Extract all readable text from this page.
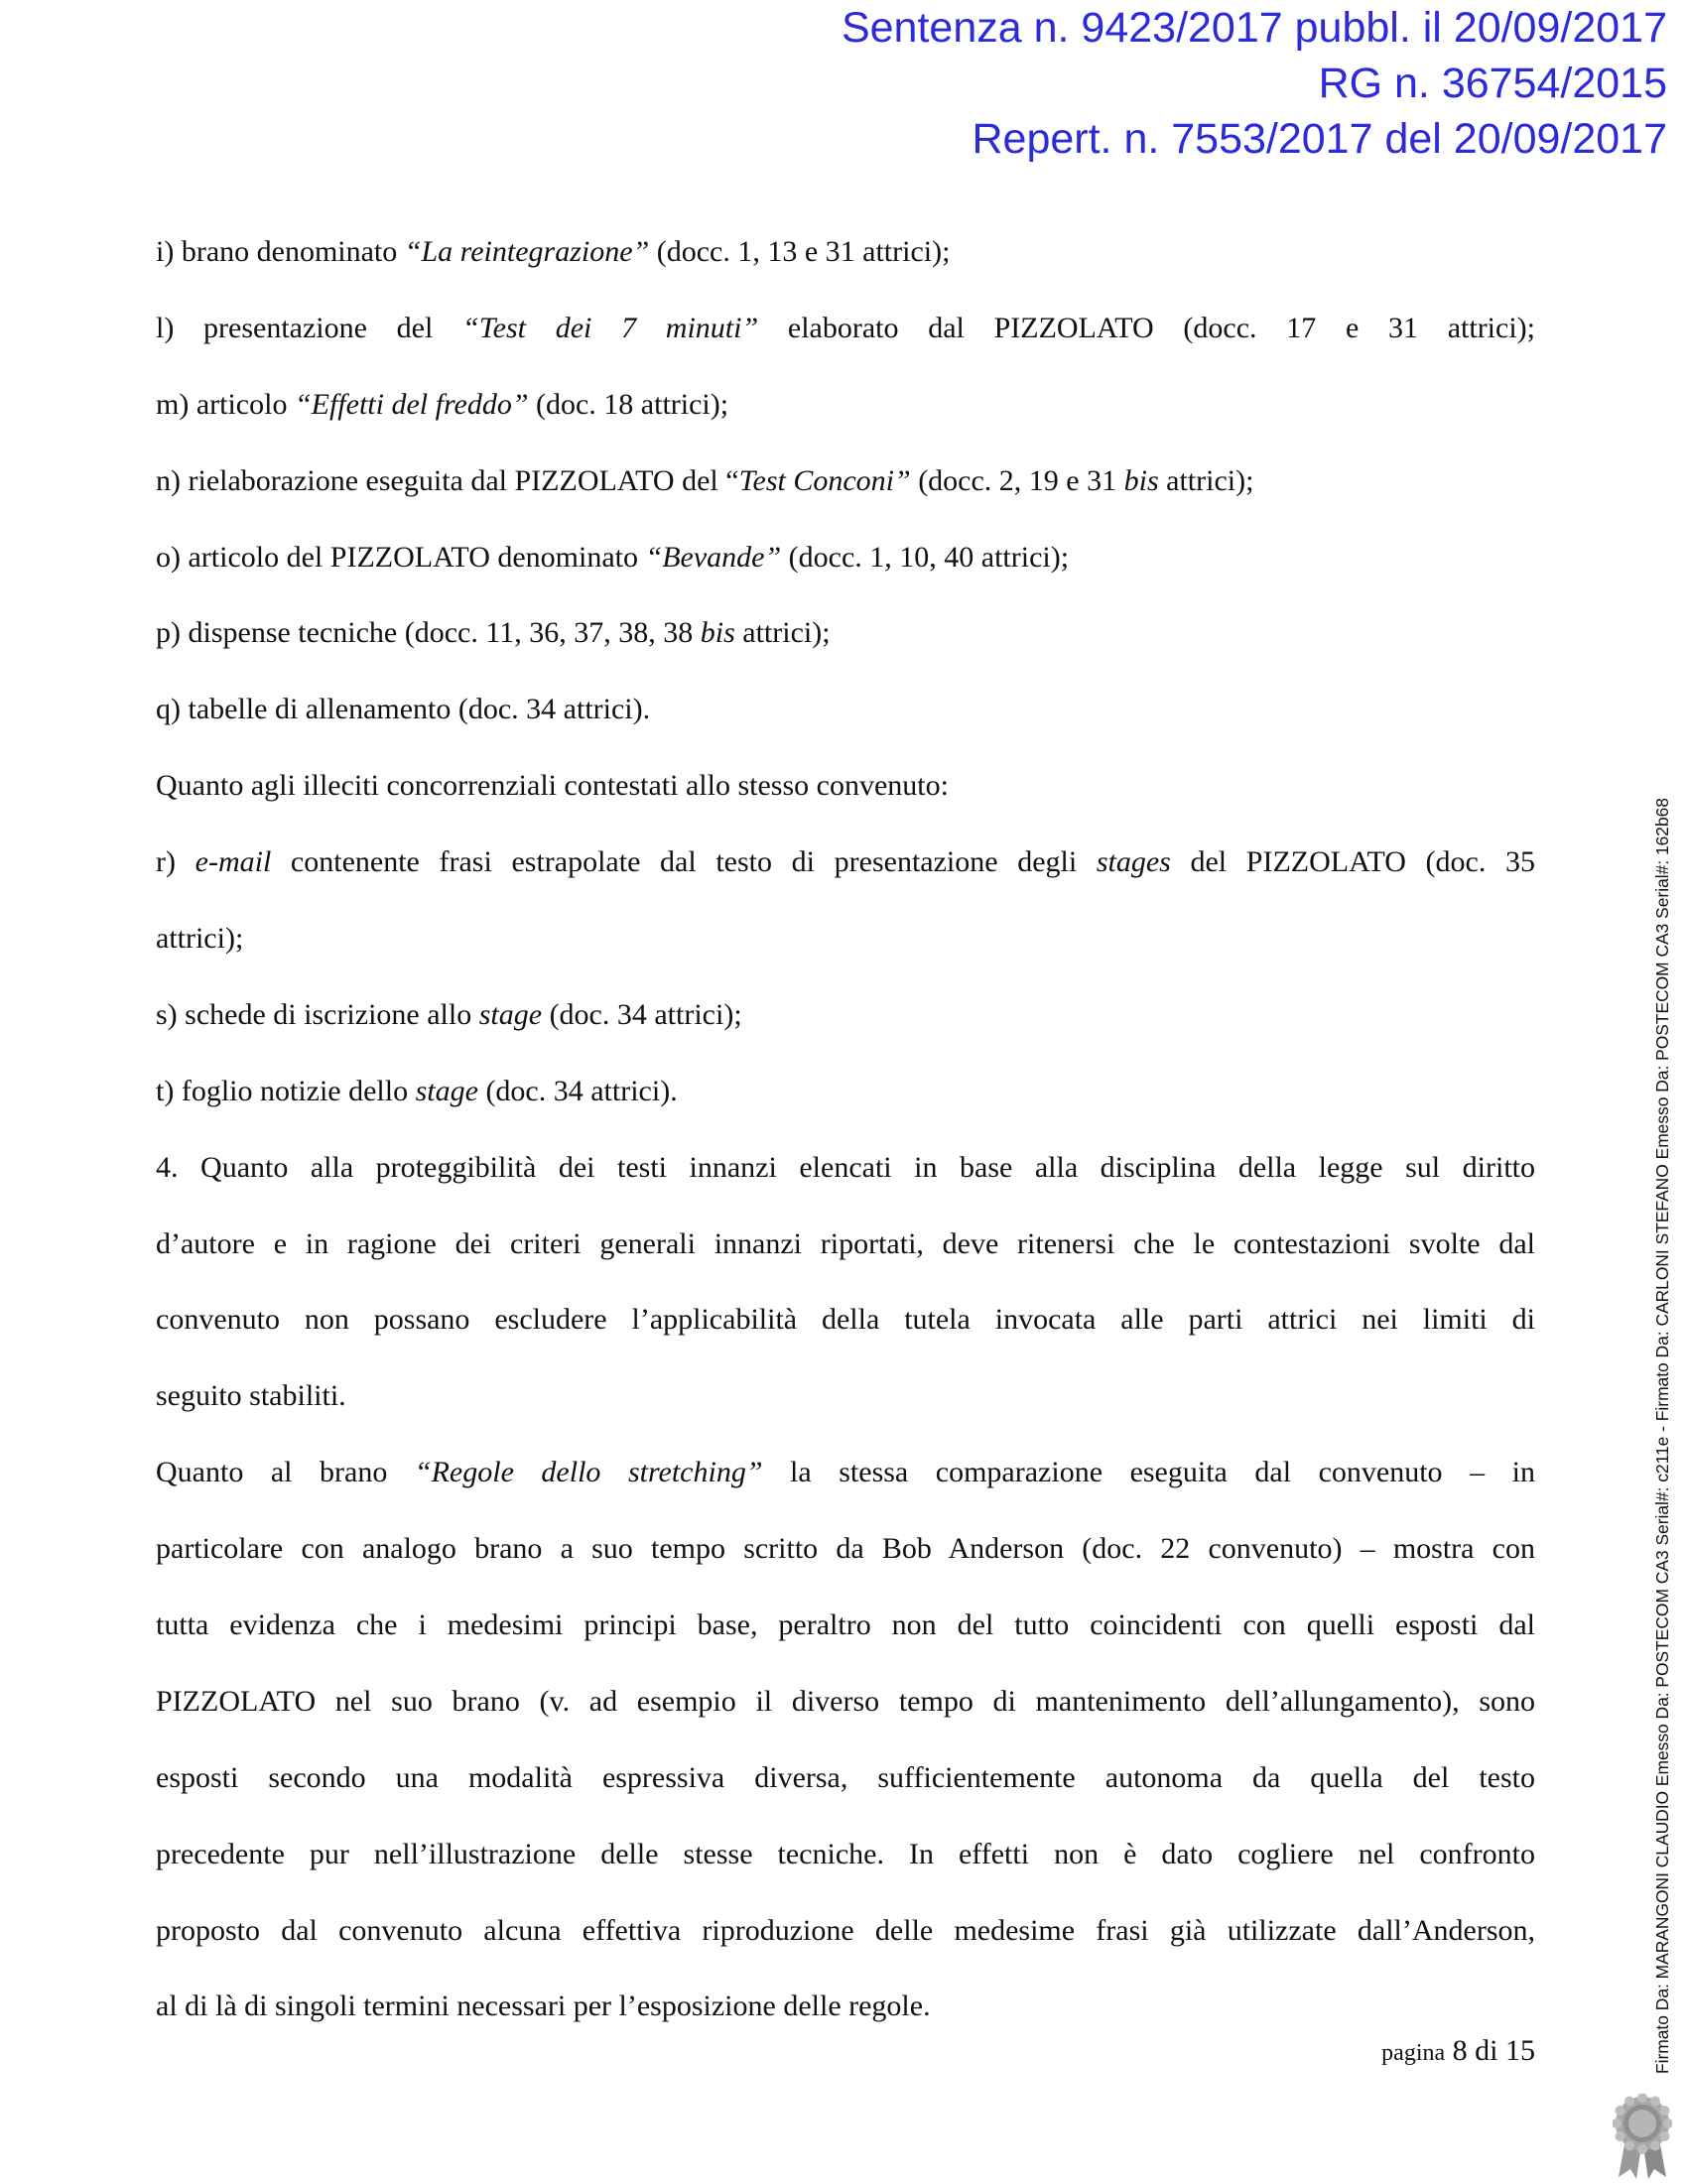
Sentenza n. 9423/2017 pubbl. il 20/09/2017
RG n. 36754/2015
Repert. n. 7553/2017 del 20/09/2017
i) brano denominato “La reintegrazione” (docc. 1, 13 e 31 attrici);
l) presentazione del “Test dei 7 minuti” elaborato dal PIZZOLATO (docc. 17 e 31 attrici);
m) articolo “Effetti del freddo” (doc. 18 attrici);
n) rielaborazione eseguita dal PIZZOLATO del “Test Conconi” (docc. 2, 19 e 31 bis attrici);
o) articolo del PIZZOLATO denominato “Bevande” (docc. 1, 10, 40 attrici);
p) dispense tecniche (docc. 11, 36, 37, 38, 38 bis attrici);
q) tabelle di allenamento (doc. 34 attrici).
Quanto agli illeciti concorrenziali contestati allo stesso convenuto:
r) e-mail contenente frasi estrapolate dal testo di presentazione degli stages del PIZZOLATO (doc. 35
attrici);
s) schede di iscrizione allo stage (doc. 34 attrici);
t) foglio notizie dello stage (doc. 34 attrici).
4. Quanto alla proteggibilità dei testi innanzi elencati in base alla disciplina della legge sul diritto
d’autore e in ragione dei criteri generali innanzi riportati, deve ritenersi che le contestazioni svolte dal
convenuto non possano escludere l’applicabilità della tutela invocata alle parti attrici nei limiti di
seguito stabiliti.
Quanto al brano “Regole dello stretching” la stessa comparazione eseguita dal convenuto – in
particolare con analogo brano a suo tempo scritto da Bob Anderson (doc. 22 convenuto) – mostra con
tutta evidenza che i medesimi principi base, peraltro non del tutto coincidenti con quelli esposti dal
PIZZOLATO nel suo brano (v. ad esempio il diverso tempo di mantenimento dell’allungamento), sono
esposti secondo una modalità espressiva diversa, sufficientemente autonoma da quella del testo
precedente pur nell’illustrazione delle stesse tecniche. In effetti non è dato cogliere nel confronto
proposto dal convenuto alcuna effettiva riproduzione delle medesime frasi già utilizzate dall’Anderson,
al di là di singoli termini necessari per l’esposizione delle regole.
pagina 8 di 15	Firmato Da: MARANGONI CLAUDIO Emesso Da: POSTECOM CA3 Serial#: c211e - Firmato Da: CARLONI STEFANO Emesso Da: POSTECOM CA3 Serial#: 162b68
